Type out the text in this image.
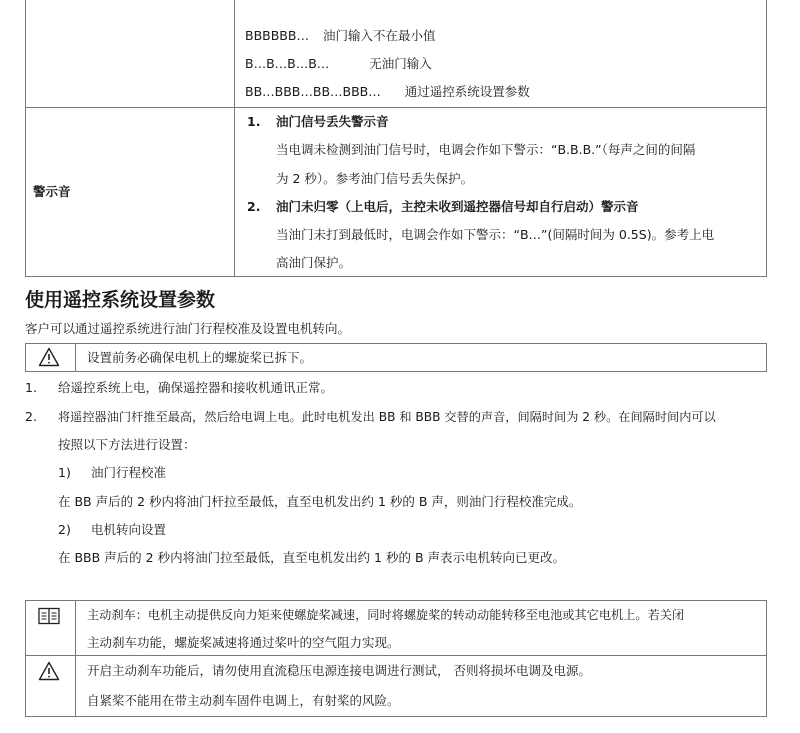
BBBBBB… 油门输入不在最小值
B…B…B…B…	无油门输入
BB…BBB…BB…BBB… 通过遥控系统设置参数
警示音
1. 油门信号丢失警示音
当电调未检测到油门信号时，电调会作如下警示：“B.B.B.”（每声之间的间隔
为 2 秒）。参考油门信号丢失保护。
2. 油门未归零（上电后，主控未收到遥控器信号却自行启动）警示音
当油门未打到最低时，电调会作如下警示：“B…”(间隔时间为 0.5S)。参考上电
高油门保护。
使用遥控系统设置参数
客户可以通过遥控系统进行油门行程校准及设置电机转向。
设置前务必确保电机上的螺旋桨已拆下。
1. 给遥控系统上电，确保遥控器和接收机通讯正常。
2. 将遥控器油门杆推至最高，然后给电调上电。此时电机发出 BB 和 BBB 交替的声音，间隔时间为 2 秒。在间隔时间内可以
按照以下方法进行设置：
1) 油门行程校准
在 BB 声后的 2 秒内将油门杆拉至最低，直至电机发出约 1 秒的 B 声，则油门行程校准完成。
2) 电机转向设置
在 BBB 声后的 2 秒内将油门拉至最低，直至电机发出约 1 秒的 B 声表示电机转向已更改。
主动刹车：电机主动提供反向力矩来使螺旋桨减速，同时将螺旋桨的转动动能转移至电池或其它电机上。若关闭
主动刹车功能，螺旋桨减速将通过桨叶的空气阻力实现。
开启主动刹车功能后，请勿使用直流稳压电源连接电调进行测试， 否则将损坏电调及电源。
自紧桨不能用在带主动刹车固件电调上，有射桨的风险。
